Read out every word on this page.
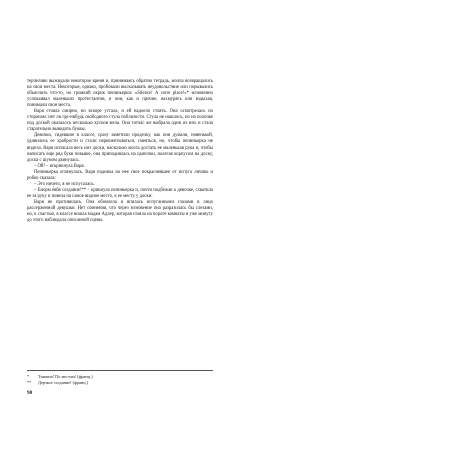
терпеливо выжидали некоторое время и, принимаясь обратно тетрадь, молча возвращались на свои места. Некоторые, однако, пробовали высказывать неудовольствие или порывались объяснить что-то, но громкий окрик пепиньерки: «Silence! A votre place!»* мгновенно успокаивал маленьких протестантов, и они, как и прочие, нахмурясь или вздыхая, понимали свои места.

Варя стояла смирно, но вскоре устала, и ей надоело стоять. Она осмотрелась по сторонам: нет ли где-нибудь свободного стула поблизости. Стула не нашлось, но на полочке под доской оказалось несколько кусков мела. Она тотчас же выбрала один из них и стала старательно выводить буквы.

Девочки, сидевшие в классе, сразу заметили проделку, как они думали, новенькой, удивились ее храбрости и стали перешептываться, смеяться, но, чтобы пепиньерка не видела. Варя исписала весь низ доски, насколько могла достать ее маленькая рука и, чтобы написать еще ряд букв повыше, она приподнялась на цыпочки, налегая корпусом на доску, доска с шумом двинулась.

– Ой! – вскрикнула Варя.

Пепиньерка оглянулась. Варя подняла на нее свое покрасневшее от испуга личико и робко сказала:

– Это ничего, я не испугалась.

– Енорм е́вбя создание!** – крикнула пепиньерка и, почти подбежав к девочке, схватила ее за руку и повела на самое видное место, к ее месту у доски.

Варя не противилась. Она обомлела и впилась испуганными глазами в лицо рассерженной девушки. Нет сомнения, что через мгновение она разразилась бы слезами, но, к счастью, в классе вошла мадам Адлер, которая стояла на пороге комнаты и уже минуту до этого наблюдала описанной сцены.

*	Тишина! По местам! (франц.)
**	Дерзкое создание! (франц.)
90
